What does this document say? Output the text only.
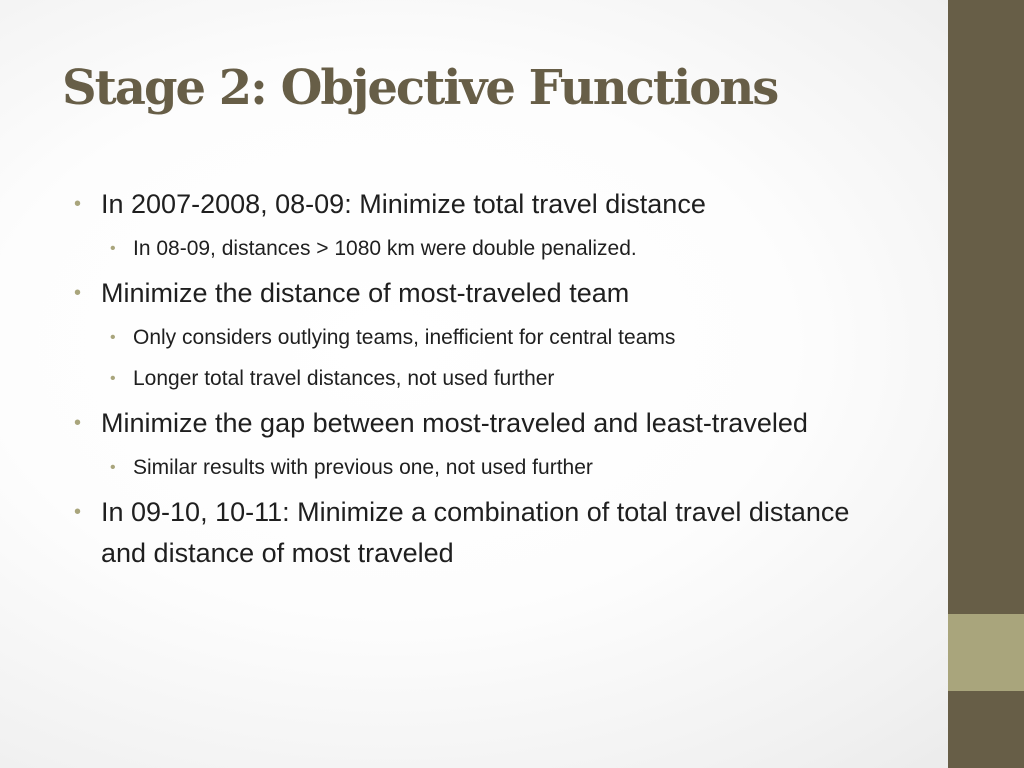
Stage 2: Objective Functions
• In 2007-2008, 08-09: Minimize total travel distance
• In 08-09, distances > 1080 km were double penalized.
• Minimize the distance of most-traveled team
• Only considers outlying teams, inefficient for central teams
• Longer total travel distances, not used further
• Minimize the gap between most-traveled and least-traveled
• Similar results with previous one, not used further
• In 09-10, 10-11: Minimize a combination of total travel distance and distance of most traveled
